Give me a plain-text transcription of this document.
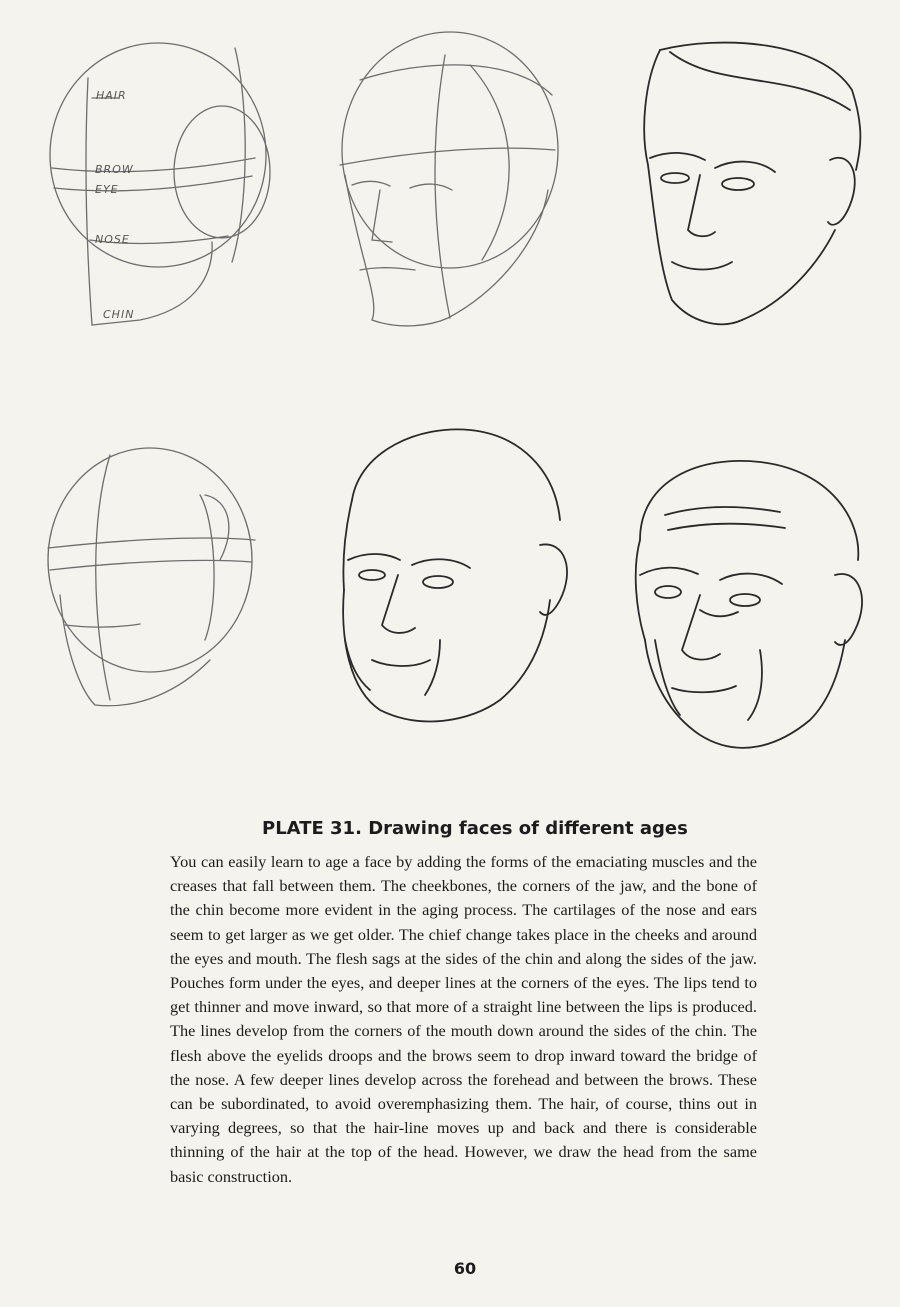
HAIR
BROW
EYE
NOSE
CHIN
PLATE 31. Drawing faces of different ages
You can easily learn to age a face by adding the forms of the emaciating muscles and the creases that fall between them. The cheekbones, the corners of the jaw, and the bone of the chin become more evident in the aging process. The cartilages of the nose and ears seem to get larger as we get older. The chief change takes place in the cheeks and around the eyes and mouth. The flesh sags at the sides of the chin and along the sides of the jaw. Pouches form under the eyes, and deeper lines at the corners of the eyes. The lips tend to get thinner and move inward, so that more of a straight line between the lips is produced. The lines develop from the corners of the mouth down around the sides of the chin. The flesh above the eyelids droops and the brows seem to drop inward toward the bridge of the nose. A few deeper lines develop across the forehead and between the brows. These can be subordinated, to avoid overemphasizing them. The hair, of course, thins out in varying degrees, so that the hair-line moves up and back and there is considerable thinning of the hair at the top of the head. However, we draw the head from the same basic construction.
60
